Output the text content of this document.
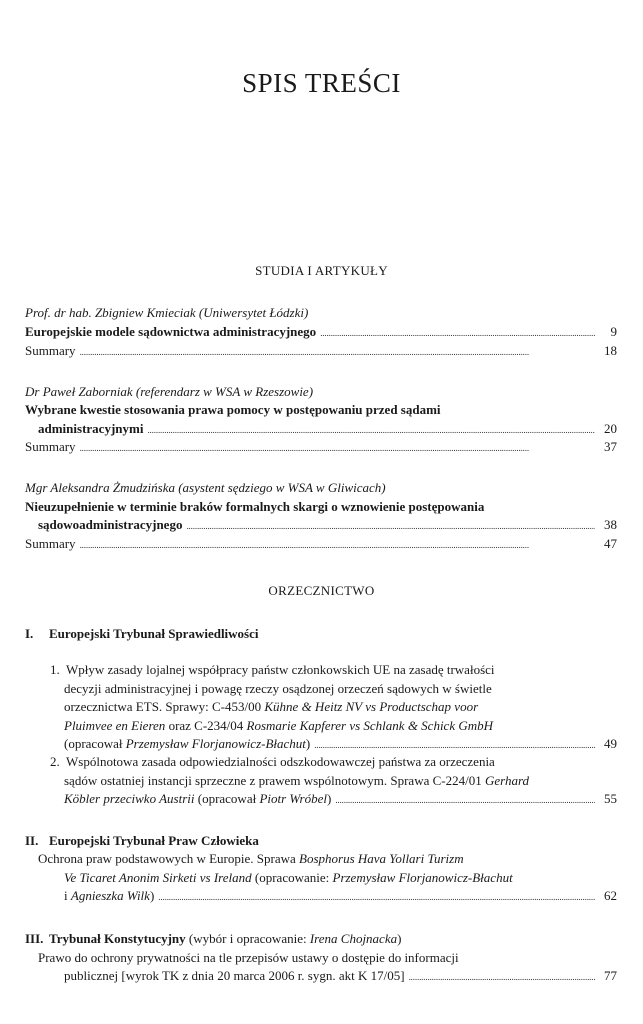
SPIS TREŚCI
STUDIA I ARTYKUŁY
Prof. dr hab. Zbigniew Kmieciak (Uniwersytet Łódzki)
Europejskie modele sądownictwa administracyjnego . . .	9
Summary . . .	18
Dr Paweł Zaborniak (referendarz w WSA w Rzeszowie)
Wybrane kwestie stosowania prawa pomocy w postępowaniu przed sądami
administracyjnymi . . .	20
Summary . . .	37
Mgr Aleksandra Żmudzińska (asystent sędziego w WSA w Gliwicach)
Nieuzupełnienie w terminie braków formalnych skargi o wznowienie postępowania
sądowoadministracyjnego . . .	38
Summary . . .	47
ORZECZNICTWO
I. Europejski Trybunał Sprawiedliwości
1. Wpływ zasady lojalnej współpracy państw członkowskich UE na zasadę trwałości
decyzji administracyjnej i powagę rzeczy osądzonej orzeczeń sądowych w świetle
orzecznictwa ETS. Sprawy: C-453/00 Kühne & Heitz NV vs Productschap voor
Pluimvee en Eieren oraz C-234/04 Rosmarie Kapferer vs Schlank & Schick GmbH
(opracował Przemysław Florjanowicz-Błachut) . . .	49
2. Wspólnotowa zasada odpowiedzialności odszkodowawczej państwa za orzeczenia
sądów ostatniej instancji sprzeczne z prawem wspólnotowym. Sprawa C-224/01 Gerhard
Köbler przeciwko Austrii (opracował Piotr Wróbel) . . .	55
II. Europejski Trybunał Praw Człowieka
Ochrona praw podstawowych w Europie. Sprawa Bosphorus Hava Yollari Turizm
Ve Ticaret Anonim Sirketi vs Ireland (opracowanie: Przemysław Florjanowicz-Błachut
i Agnieszka Wilk) . . .	62
III. Trybunał Konstytucyjny (wybór i opracowanie: Irena Chojnacka)
Prawo do ochrony prywatności na tle przepisów ustawy o dostępie do informacji
publicznej [wyrok TK z dnia 20 marca 2006 r. sygn. akt K 17/05] . . .	77
